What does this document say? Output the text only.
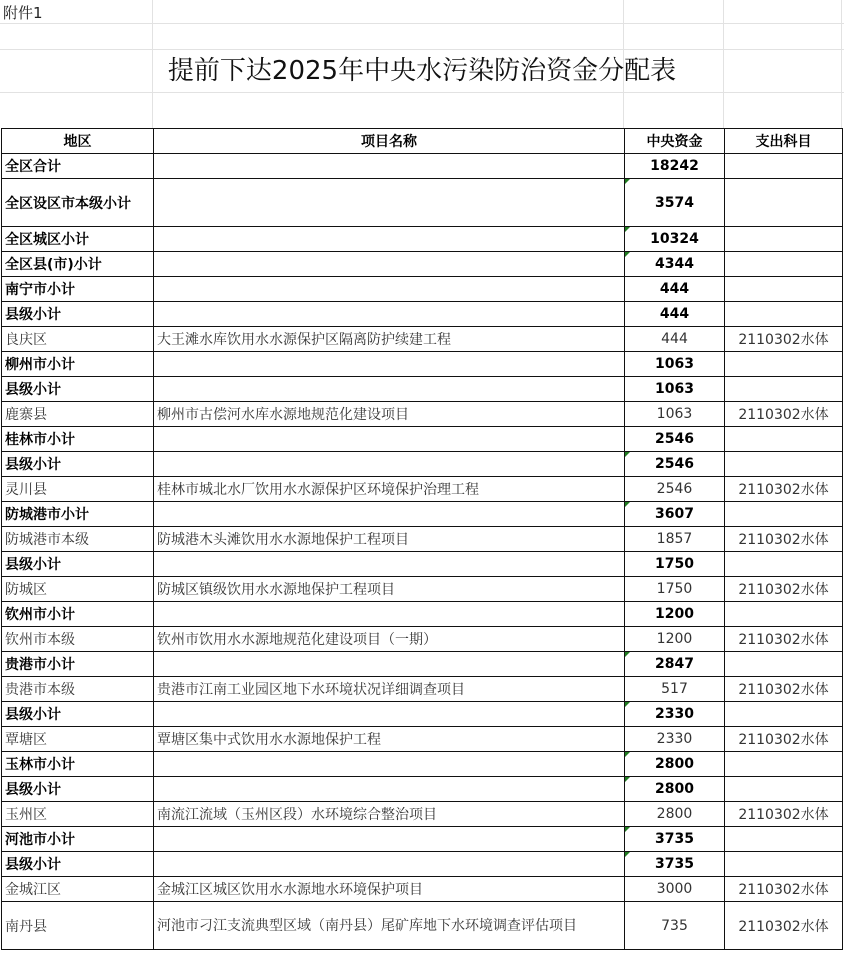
附件1
提前下达2025年中央水污染防治资金分配表
地区	项目名称	中央资金	支出科目
全区合计		18242	
全区设区市本级小计		3574	
全区城区小计		10324	
全区县(市)小计		4344	
南宁市小计		444	
县级小计		444	
良庆区	大王滩水库饮用水水源保护区隔离防护续建工程	444	2110302水体
柳州市小计		1063	
县级小计		1063	
鹿寨县	柳州市古偿河水库水源地规范化建设项目	1063	2110302水体
桂林市小计		2546	
县级小计		2546	
灵川县	桂林市城北水厂饮用水水源保护区环境保护治理工程	2546	2110302水体
防城港市小计		3607	
防城港市本级	防城港木头滩饮用水水源地保护工程项目	1857	2110302水体
县级小计		1750	
防城区	防城区镇级饮用水水源地保护工程项目	1750	2110302水体
钦州市小计		1200	
钦州市本级	钦州市饮用水水源地规范化建设项目（一期）	1200	2110302水体
贵港市小计		2847	
贵港市本级	贵港市江南工业园区地下水环境状况详细调查项目	517	2110302水体
县级小计		2330	
覃塘区	覃塘区集中式饮用水水源地保护工程	2330	2110302水体
玉林市小计		2800	
县级小计		2800	
玉州区	南流江流域（玉州区段）水环境综合整治项目	2800	2110302水体
河池市小计		3735	
县级小计		3735	
金城江区	金城江区城区饮用水水源地水环境保护项目	3000	2110302水体
南丹县	河池市刁江支流典型区域（南丹县）尾矿库地下水环境调查评估项目	735	2110302水体
